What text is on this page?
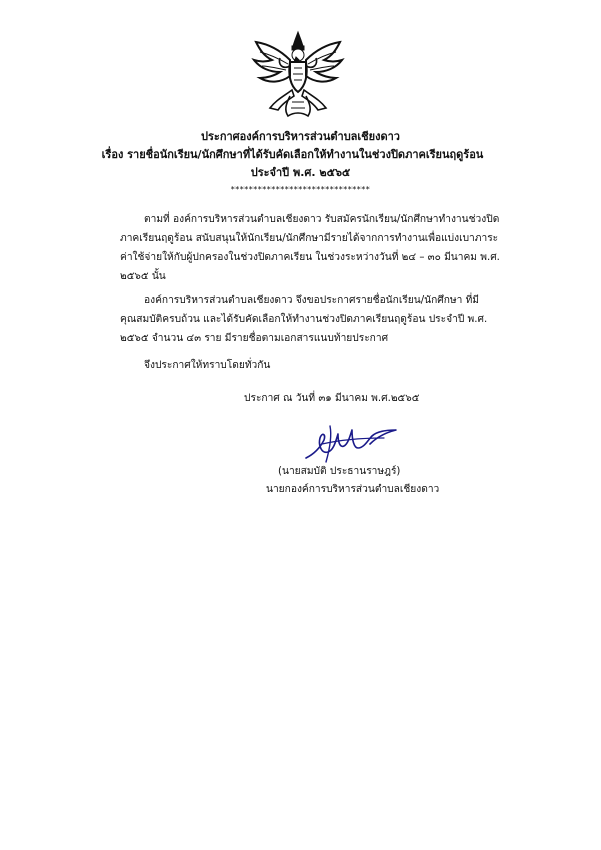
ประกาศองค์การบริหารส่วนตำบลเชียงดาว
เรื่อง รายชื่อนักเรียน/นักศึกษาที่ได้รับคัดเลือกให้ทำงานในช่วงปิดภาคเรียนฤดูร้อน
ประจำปี พ.ศ. ๒๕๖๕
*******************************
ตามที่ องค์การบริหารส่วนตำบลเชียงดาว รับสมัครนักเรียน/นักศึกษาทำงานช่วงปิดภาคเรียนฤดูร้อน สนับสนุนให้นักเรียน/นักศึกษามีรายได้จากการทำงานเพื่อแบ่งเบาภาระค่าใช้จ่ายให้กับผู้ปกครองในช่วงปิดภาคเรียน ในช่วงระหว่างวันที่ ๒๔ – ๓๐ มีนาคม พ.ศ. ๒๕๖๕ นั้น
องค์การบริหารส่วนตำบลเชียงดาว จึงขอประกาศรายชื่อนักเรียน/นักศึกษา ที่มีคุณสมบัติครบถ้วน และได้รับคัดเลือกให้ทำงานช่วงปิดภาคเรียนฤดูร้อน ประจำปี พ.ศ. ๒๕๖๕ จำนวน ๔๓ ราย มีรายชื่อตามเอกสารแนบท้ายประกาศ
จึงประกาศให้ทราบโดยทั่วกัน
ประกาศ ณ วันที่ ๓๑ มีนาคม พ.ศ.๒๕๖๕
(นายสมบัติ ประธานราษฎร์)
นายกองค์การบริหารส่วนตำบลเชียงดาว
